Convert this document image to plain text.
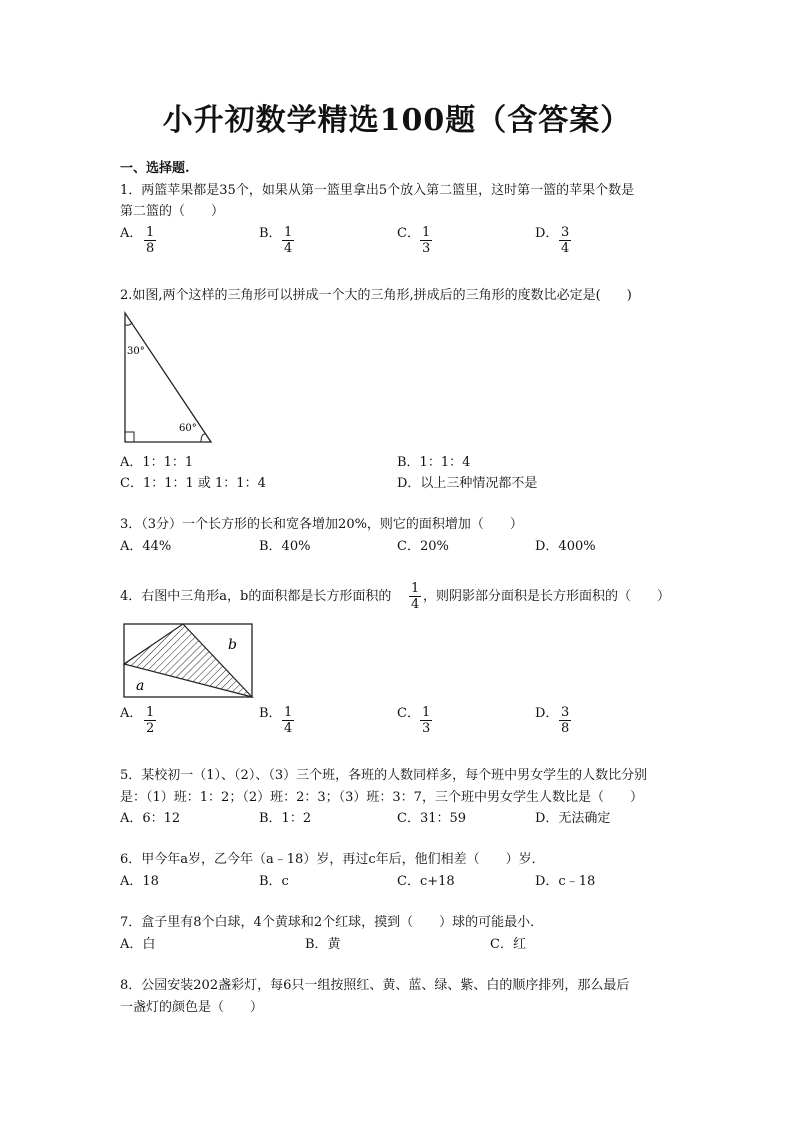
小升初数学精选100题（含答案）
一、选择题.
1．两篮苹果都是35个，如果从第一篮里拿出5个放入第二篮里，这时第一篮的苹果个数是
第二篮的（　　）
A． $\frac{1}{8}$	B． $\frac{1}{4}$	C． $\frac{1}{3}$	D． $\frac{3}{4}$
2.如图,两个这样的三角形可以拼成一个大的三角形,拼成后的三角形的度数比必定是(　　)
30°
60°
A．1：1：1	B．1：1：4
C．1：1：1 或 1：1：4	D．以上三种情况都不是
3．（3分）一个长方形的长和宽各增加20%，则它的面积增加（　　）
A．44%	B．40%	C．20%	D．400%
4．右图中三角形a，b的面积都是长方形面积的 $\frac{1}{4}$ ，则阴影部分面积是长方形面积的（　　）
b
a
A． $\frac{1}{2}$	B． $\frac{1}{4}$	C． $\frac{1}{3}$	D． $\frac{3}{8}$
5．某校初一（1）、（2）、（3）三个班，各班的人数同样多，每个班中男女学生的人数比分别
是：（1）班：1：2；（2）班：2：3；（3）班：3：7，三个班中男女学生人数比是（　　）
A．6：12	B．1：2	C．31：59	D．无法确定
6．甲今年a岁，乙今年（a﹣18）岁，再过c年后，他们相差（　　）岁．
A．18	B．c	C．c+18	D．c﹣18
7．盒子里有8个白球，4个黄球和2个红球，摸到（　　）球的可能最小．
A．白	B．黄	C．红
8．公园安装202盏彩灯，每6只一组按照红、黄、蓝、绿、紫、白的顺序排列，那么最后
一盏灯的颜色是（　　）
